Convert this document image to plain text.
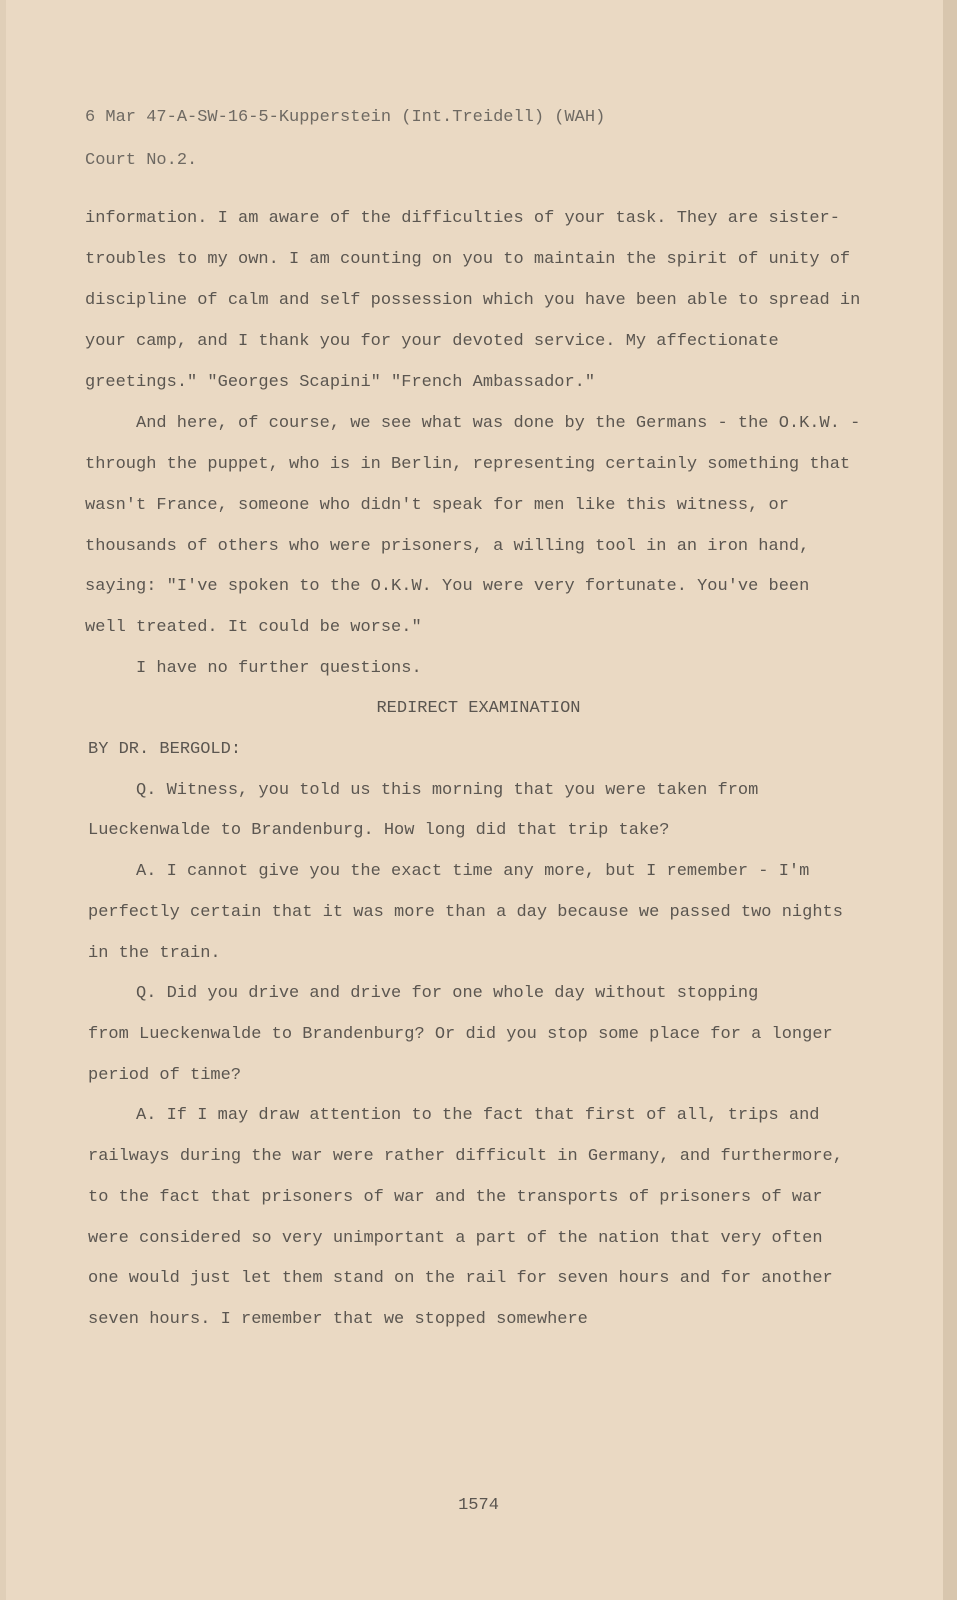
6 Mar 47-A-SW-16-5-Kupperstein (Int.Treidell) (WAH)
Court No.2.
information. I am aware of the difficulties of your task. They are sister-
troubles to my own. I am counting on you to maintain the spirit of unity of
discipline of calm and self possession which you have been able to spread in
your camp, and I thank you for your devoted service. My affectionate
greetings." "Georges Scapini" "French Ambassador."
And here, of course, we see what was done by the Germans - the O.K.W. -
through the puppet, who is in Berlin, representing certainly something that
wasn't France, someone who didn't speak for men like this witness, or
thousands of others who were prisoners, a willing tool in an iron hand,
saying: "I've spoken to the O.K.W. You were very fortunate. You've been
well treated. It could be worse."
I have no further questions.
REDIRECT EXAMINATION
BY DR. BERGOLD:
Q. Witness, you told us this morning that you were taken from
Lueckenwalde to Brandenburg. How long did that trip take?
A. I cannot give you the exact time any more, but I remember - I'm
perfectly certain that it was more than a day because we passed two nights
in the train.
Q. Did you drive and drive for one whole day without stopping
from Lueckenwalde to Brandenburg? Or did you stop some place for a longer
period of time?
A. If I may draw attention to the fact that first of all, trips and
railways during the war were rather difficult in Germany, and furthermore,
to the fact that prisoners of war and the transports of prisoners of war
were considered so very unimportant a part of the nation that very often
one would just let them stand on the rail for seven hours and for another
seven hours. I remember that we stopped somewhere
1574
